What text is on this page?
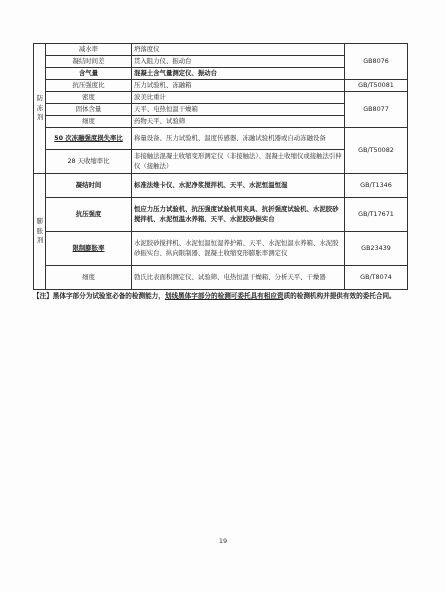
防冻剂	减水率	坍落度仪	GB8076
	凝结时间差	贯入阻力仪、振动台	
	含气量	混凝土含气量测定仪、振动台	
	抗压强度比	压力试验机、冻融箱	GB/T50081
	密度	波美比重计	GB8077
	固体含量	天平、电热恒温干燥箱	
	细度	药物天平、试验筛	
	50 次冻融强度损失率比	称量设备、压力试验机、温度传感器、冻融试验机器或自动冻融设备	GB/T50082
	28 天收缩率比	非接触法混凝土收缩变形测定仪（非接触法）、混凝土收缩仪或接触法引伸仪（接触法）	

膨胀剂	凝结时间	标准法维卡仪、水泥净浆搅拌机、天平、水泥恒温恒湿	GB/T1346
	抗压强度	恒应力压力试验机、抗压强度试验机用夹具、抗折强度试验机、水泥胶砂搅拌机、水泥恒温水养箱、天平、水泥胶砂振实台	GB/T17671
	限制膨胀率	水泥胶砂搅拌机、水泥恒温恒湿养护箱、天平、水泥恒温水养箱、水泥胶砂振实台、纵向限制器、混凝土收缩变形膨胀率测定仪	GB23439
	细度	勃氏比表面积测定仪、试验筛、电热恒温干燥箱、分析天平、干燥器	GB/T8074
【注】黑体字部分为试验室必备的检测能力，划线黑体字部分的检测可委托具有相应资质的检测机构并提供有效的委托合同。
19
